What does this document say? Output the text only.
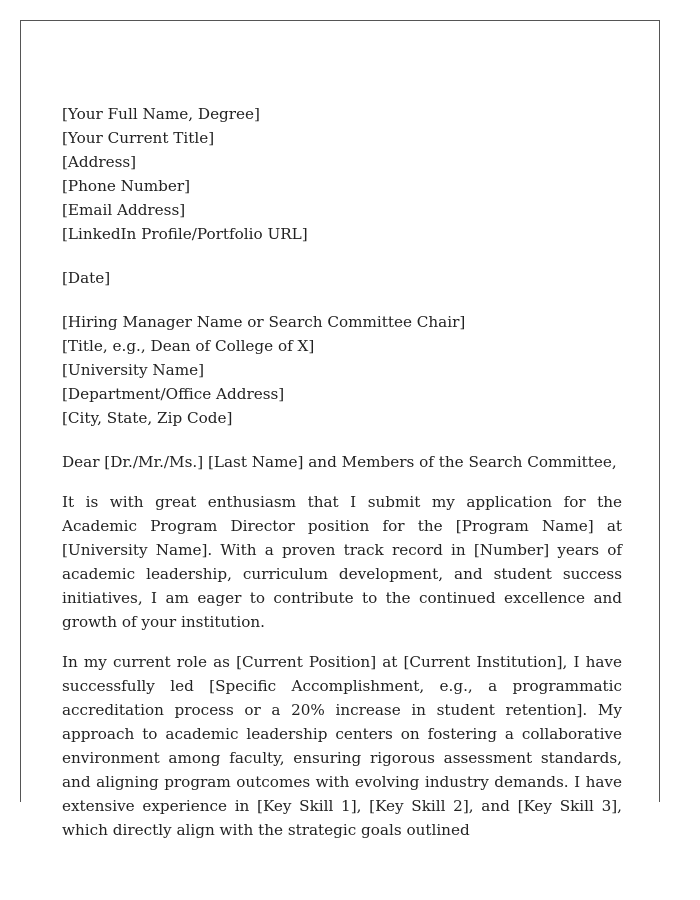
[Your Full Name, Degree]
[Your Current Title]
[Address]
[Phone Number]
[Email Address]
[LinkedIn Profile/Portfolio URL]
[Date]
[Hiring Manager Name or Search Committee Chair]
[Title, e.g., Dean of College of X]
[University Name]
[Department/Office Address]
[City, State, Zip Code]

Dear [Dr./Mr./Ms.] [Last Name] and Members of the Search Committee,

It is with great enthusiasm that I submit my application for the Academic Program Director position for the [Program Name] at [University Name]. With a proven track record in [Number] years of academic leadership, curriculum development, and student success initiatives, I am eager to contribute to the continued excellence and growth of your institution.

In my current role as [Current Position] at [Current Institution], I have successfully led [Specific Accomplishment, e.g., a programmatic accreditation process or a 20% increase in student retention]. My approach to academic leadership centers on fostering a collaborative environment among faculty, ensuring rigorous assessment standards, and aligning program outcomes with evolving industry demands. I have extensive experience in [Key Skill 1], [Key Skill 2], and [Key Skill 3], which directly align with the strategic goals outlined
